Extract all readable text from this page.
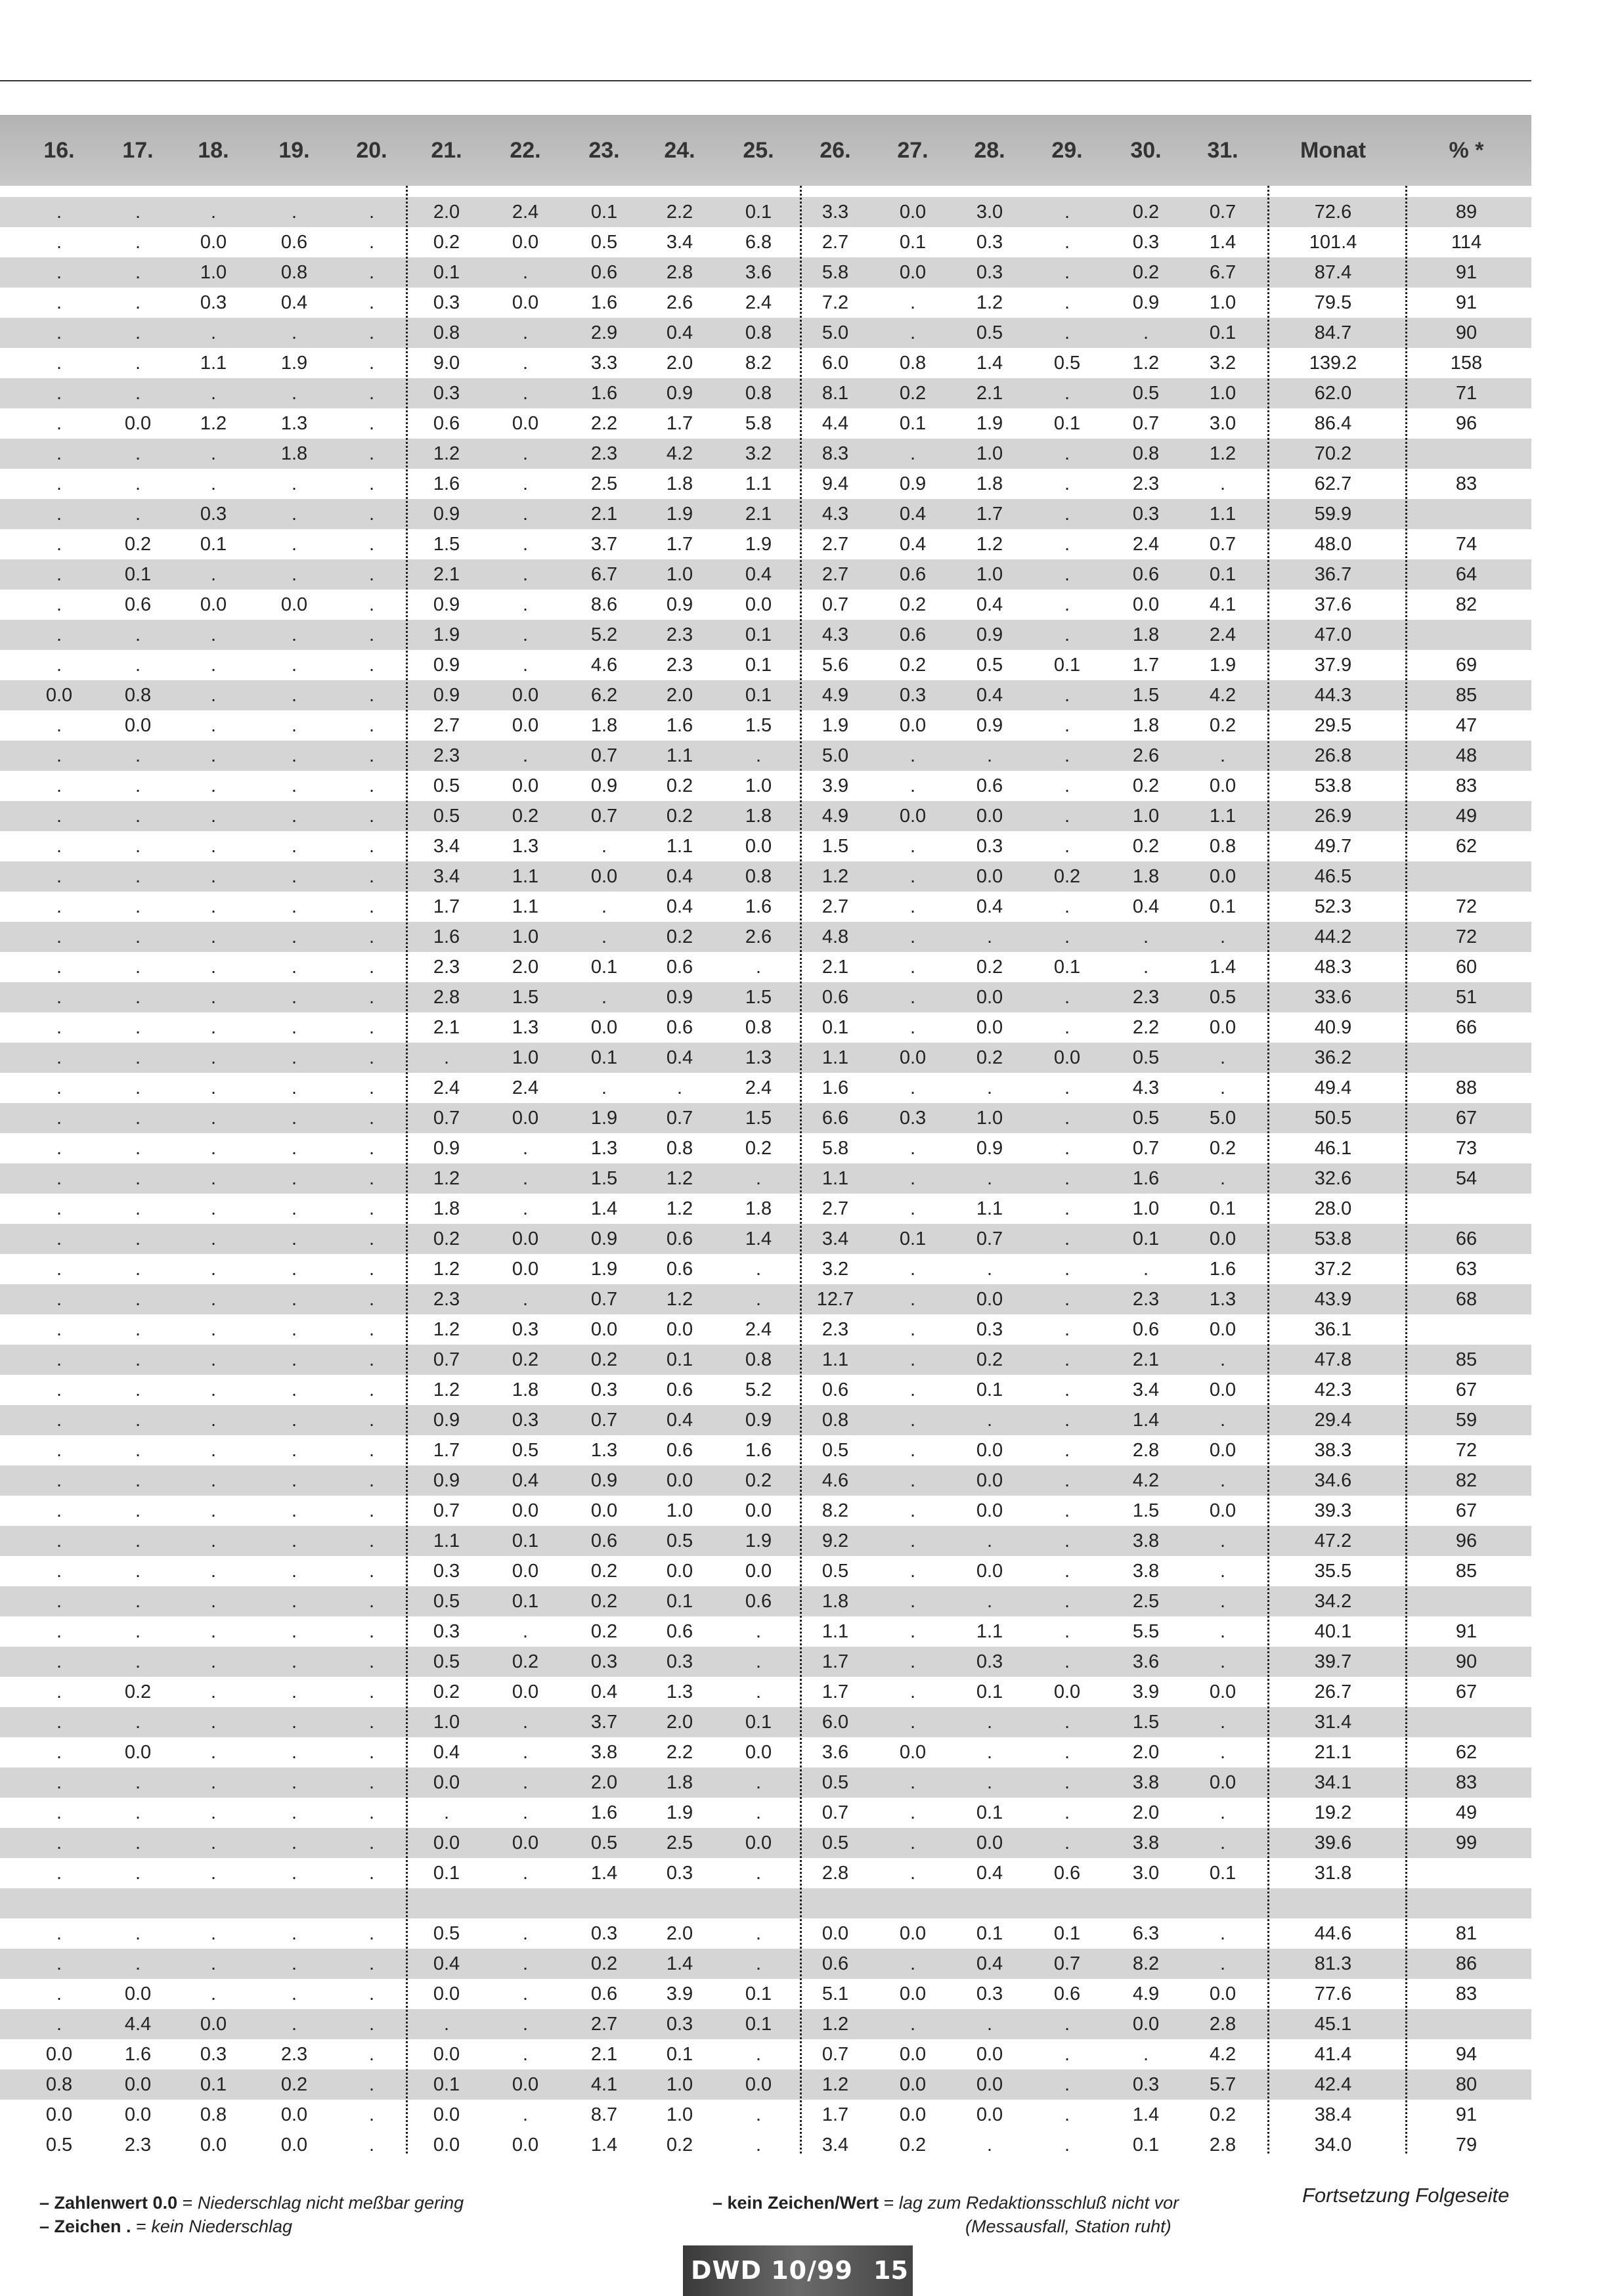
16.	17.	18.	19.	20.	21.	22.	23.	24.	25.	26.	27.	28.	29.	30.	31.	Monat	% *
.	.	.	.	.	2.0	2.4	0.1	2.2	0.1	3.3	0.0	3.0	.	0.2	0.7	72.6	89
.	.	0.0	0.6	.	0.2	0.0	0.5	3.4	6.8	2.7	0.1	0.3	.	0.3	1.4	101.4	114
.	.	1.0	0.8	.	0.1	.	0.6	2.8	3.6	5.8	0.0	0.3	.	0.2	6.7	87.4	91
.	.	0.3	0.4	.	0.3	0.0	1.6	2.6	2.4	7.2	.	1.2	.	0.9	1.0	79.5	91
.	.	.	.	.	0.8	.	2.9	0.4	0.8	5.0	.	0.5	.	.	0.1	84.7	90
.	.	1.1	1.9	.	9.0	.	3.3	2.0	8.2	6.0	0.8	1.4	0.5	1.2	3.2	139.2	158
.	.	.	.	.	0.3	.	1.6	0.9	0.8	8.1	0.2	2.1	.	0.5	1.0	62.0	71
.	0.0	1.2	1.3	.	0.6	0.0	2.2	1.7	5.8	4.4	0.1	1.9	0.1	0.7	3.0	86.4	96
.	.	.	1.8	.	1.2	.	2.3	4.2	3.2	8.3	.	1.0	.	0.8	1.2	70.2
.	.	.	.	.	1.6	.	2.5	1.8	1.1	9.4	0.9	1.8	.	2.3	.	62.7	83
.	.	0.3	.	.	0.9	.	2.1	1.9	2.1	4.3	0.4	1.7	.	0.3	1.1	59.9
.	0.2	0.1	.	.	1.5	.	3.7	1.7	1.9	2.7	0.4	1.2	.	2.4	0.7	48.0	74
.	0.1	.	.	.	2.1	.	6.7	1.0	0.4	2.7	0.6	1.0	.	0.6	0.1	36.7	64
.	0.6	0.0	0.0	.	0.9	.	8.6	0.9	0.0	0.7	0.2	0.4	.	0.0	4.1	37.6	82
.	.	.	.	.	1.9	.	5.2	2.3	0.1	4.3	0.6	0.9	.	1.8	2.4	47.0
.	.	.	.	.	0.9	.	4.6	2.3	0.1	5.6	0.2	0.5	0.1	1.7	1.9	37.9	69
0.0	0.8	.	.	.	0.9	0.0	6.2	2.0	0.1	4.9	0.3	0.4	.	1.5	4.2	44.3	85
.	0.0	.	.	.	2.7	0.0	1.8	1.6	1.5	1.9	0.0	0.9	.	1.8	0.2	29.5	47
.	.	.	.	.	2.3	.	0.7	1.1	.	5.0	.	.	.	2.6	.	26.8	48
.	.	.	.	.	0.5	0.0	0.9	0.2	1.0	3.9	.	0.6	.	0.2	0.0	53.8	83
.	.	.	.	.	0.5	0.2	0.7	0.2	1.8	4.9	0.0	0.0	.	1.0	1.1	26.9	49
.	.	.	.	.	3.4	1.3	.	1.1	0.0	1.5	.	0.3	.	0.2	0.8	49.7	62
.	.	.	.	.	3.4	1.1	0.0	0.4	0.8	1.2	.	0.0	0.2	1.8	0.0	46.5
.	.	.	.	.	1.7	1.1	.	0.4	1.6	2.7	.	0.4	.	0.4	0.1	52.3	72
.	.	.	.	.	1.6	1.0	.	0.2	2.6	4.8	.	.	.	.	.	44.2	72
.	.	.	.	.	2.3	2.0	0.1	0.6	.	2.1	.	0.2	0.1	.	1.4	48.3	60
.	.	.	.	.	2.8	1.5	.	0.9	1.5	0.6	.	0.0	.	2.3	0.5	33.6	51
.	.	.	.	.	2.1	1.3	0.0	0.6	0.8	0.1	.	0.0	.	2.2	0.0	40.9	66
.	.	.	.	.	.	1.0	0.1	0.4	1.3	1.1	0.0	0.2	0.0	0.5	.	36.2
.	.	.	.	.	2.4	2.4	.	.	2.4	1.6	.	.	.	4.3	.	49.4	88
.	.	.	.	.	0.7	0.0	1.9	0.7	1.5	6.6	0.3	1.0	.	0.5	5.0	50.5	67
.	.	.	.	.	0.9	.	1.3	0.8	0.2	5.8	.	0.9	.	0.7	0.2	46.1	73
.	.	.	.	.	1.2	.	1.5	1.2	.	1.1	.	.	.	1.6	.	32.6	54
.	.	.	.	.	1.8	.	1.4	1.2	1.8	2.7	.	1.1	.	1.0	0.1	28.0
.	.	.	.	.	0.2	0.0	0.9	0.6	1.4	3.4	0.1	0.7	.	0.1	0.0	53.8	66
.	.	.	.	.	1.2	0.0	1.9	0.6	.	3.2	.	.	.	.	1.6	37.2	63
.	.	.	.	.	2.3	.	0.7	1.2	.	12.7	.	0.0	.	2.3	1.3	43.9	68
.	.	.	.	.	1.2	0.3	0.0	0.0	2.4	2.3	.	0.3	.	0.6	0.0	36.1
.	.	.	.	.	0.7	0.2	0.2	0.1	0.8	1.1	.	0.2	.	2.1	.	47.8	85
.	.	.	.	.	1.2	1.8	0.3	0.6	5.2	0.6	.	0.1	.	3.4	0.0	42.3	67
.	.	.	.	.	0.9	0.3	0.7	0.4	0.9	0.8	.	.	.	1.4	.	29.4	59
.	.	.	.	.	1.7	0.5	1.3	0.6	1.6	0.5	.	0.0	.	2.8	0.0	38.3	72
.	.	.	.	.	0.9	0.4	0.9	0.0	0.2	4.6	.	0.0	.	4.2	.	34.6	82
.	.	.	.	.	0.7	0.0	0.0	1.0	0.0	8.2	.	0.0	.	1.5	0.0	39.3	67
.	.	.	.	.	1.1	0.1	0.6	0.5	1.9	9.2	.	.	.	3.8	.	47.2	96
.	.	.	.	.	0.3	0.0	0.2	0.0	0.0	0.5	.	0.0	.	3.8	.	35.5	85
.	.	.	.	.	0.5	0.1	0.2	0.1	0.6	1.8	.	.	.	2.5	.	34.2
.	.	.	.	.	0.3	.	0.2	0.6	.	1.1	.	1.1	.	5.5	.	40.1	91
.	.	.	.	.	0.5	0.2	0.3	0.3	.	1.7	.	0.3	.	3.6	.	39.7	90
.	0.2	.	.	.	0.2	0.0	0.4	1.3	.	1.7	.	0.1	0.0	3.9	0.0	26.7	67
.	.	.	.	.	1.0	.	3.7	2.0	0.1	6.0	.	.	.	1.5	.	31.4
.	0.0	.	.	.	0.4	.	3.8	2.2	0.0	3.6	0.0	.	.	2.0	.	21.1	62
.	.	.	.	.	0.0	.	2.0	1.8	.	0.5	.	.	.	3.8	0.0	34.1	83
.	.	.	.	.	.	.	1.6	1.9	.	0.7	.	0.1	.	2.0	.	19.2	49
.	.	.	.	.	0.0	0.0	0.5	2.5	0.0	0.5	.	0.0	.	3.8	.	39.6	99
.	.	.	.	.	0.1	.	1.4	0.3	.	2.8	.	0.4	0.6	3.0	0.1	31.8
.	.	.	.	.	0.5	.	0.3	2.0	.	0.0	0.0	0.1	0.1	6.3	.	44.6	81
.	.	.	.	.	0.4	.	0.2	1.4	.	0.6	.	0.4	0.7	8.2	.	81.3	86
.	0.0	.	.	.	0.0	.	0.6	3.9	0.1	5.1	0.0	0.3	0.6	4.9	0.0	77.6	83
.	4.4	0.0	.	.	.	.	2.7	0.3	0.1	1.2	.	.	.	0.0	2.8	45.1
0.0	1.6	0.3	2.3	.	0.0	.	2.1	0.1	.	0.7	0.0	0.0	.	.	4.2	41.4	94
0.8	0.0	0.1	0.2	.	0.1	0.0	4.1	1.0	0.0	1.2	0.0	0.0	.	0.3	5.7	42.4	80
0.0	0.0	0.8	0.0	.	0.0	.	8.7	1.0	.	1.7	0.0	0.0	.	1.4	0.2	38.4	91
0.5	2.3	0.0	0.0	.	0.0	0.0	1.4	0.2	.	3.4	0.2	.	.	0.1	2.8	34.0	79
– Zahlenwert 0.0 = Niederschlag nicht meßbar gering
– Zeichen . = kein Niederschlag
– kein Zeichen/Wert = lag zum Redaktionsschluß nicht vor
(Messausfall, Station ruht)
Fortsetzung Folgeseite
DWD 10/99 15
